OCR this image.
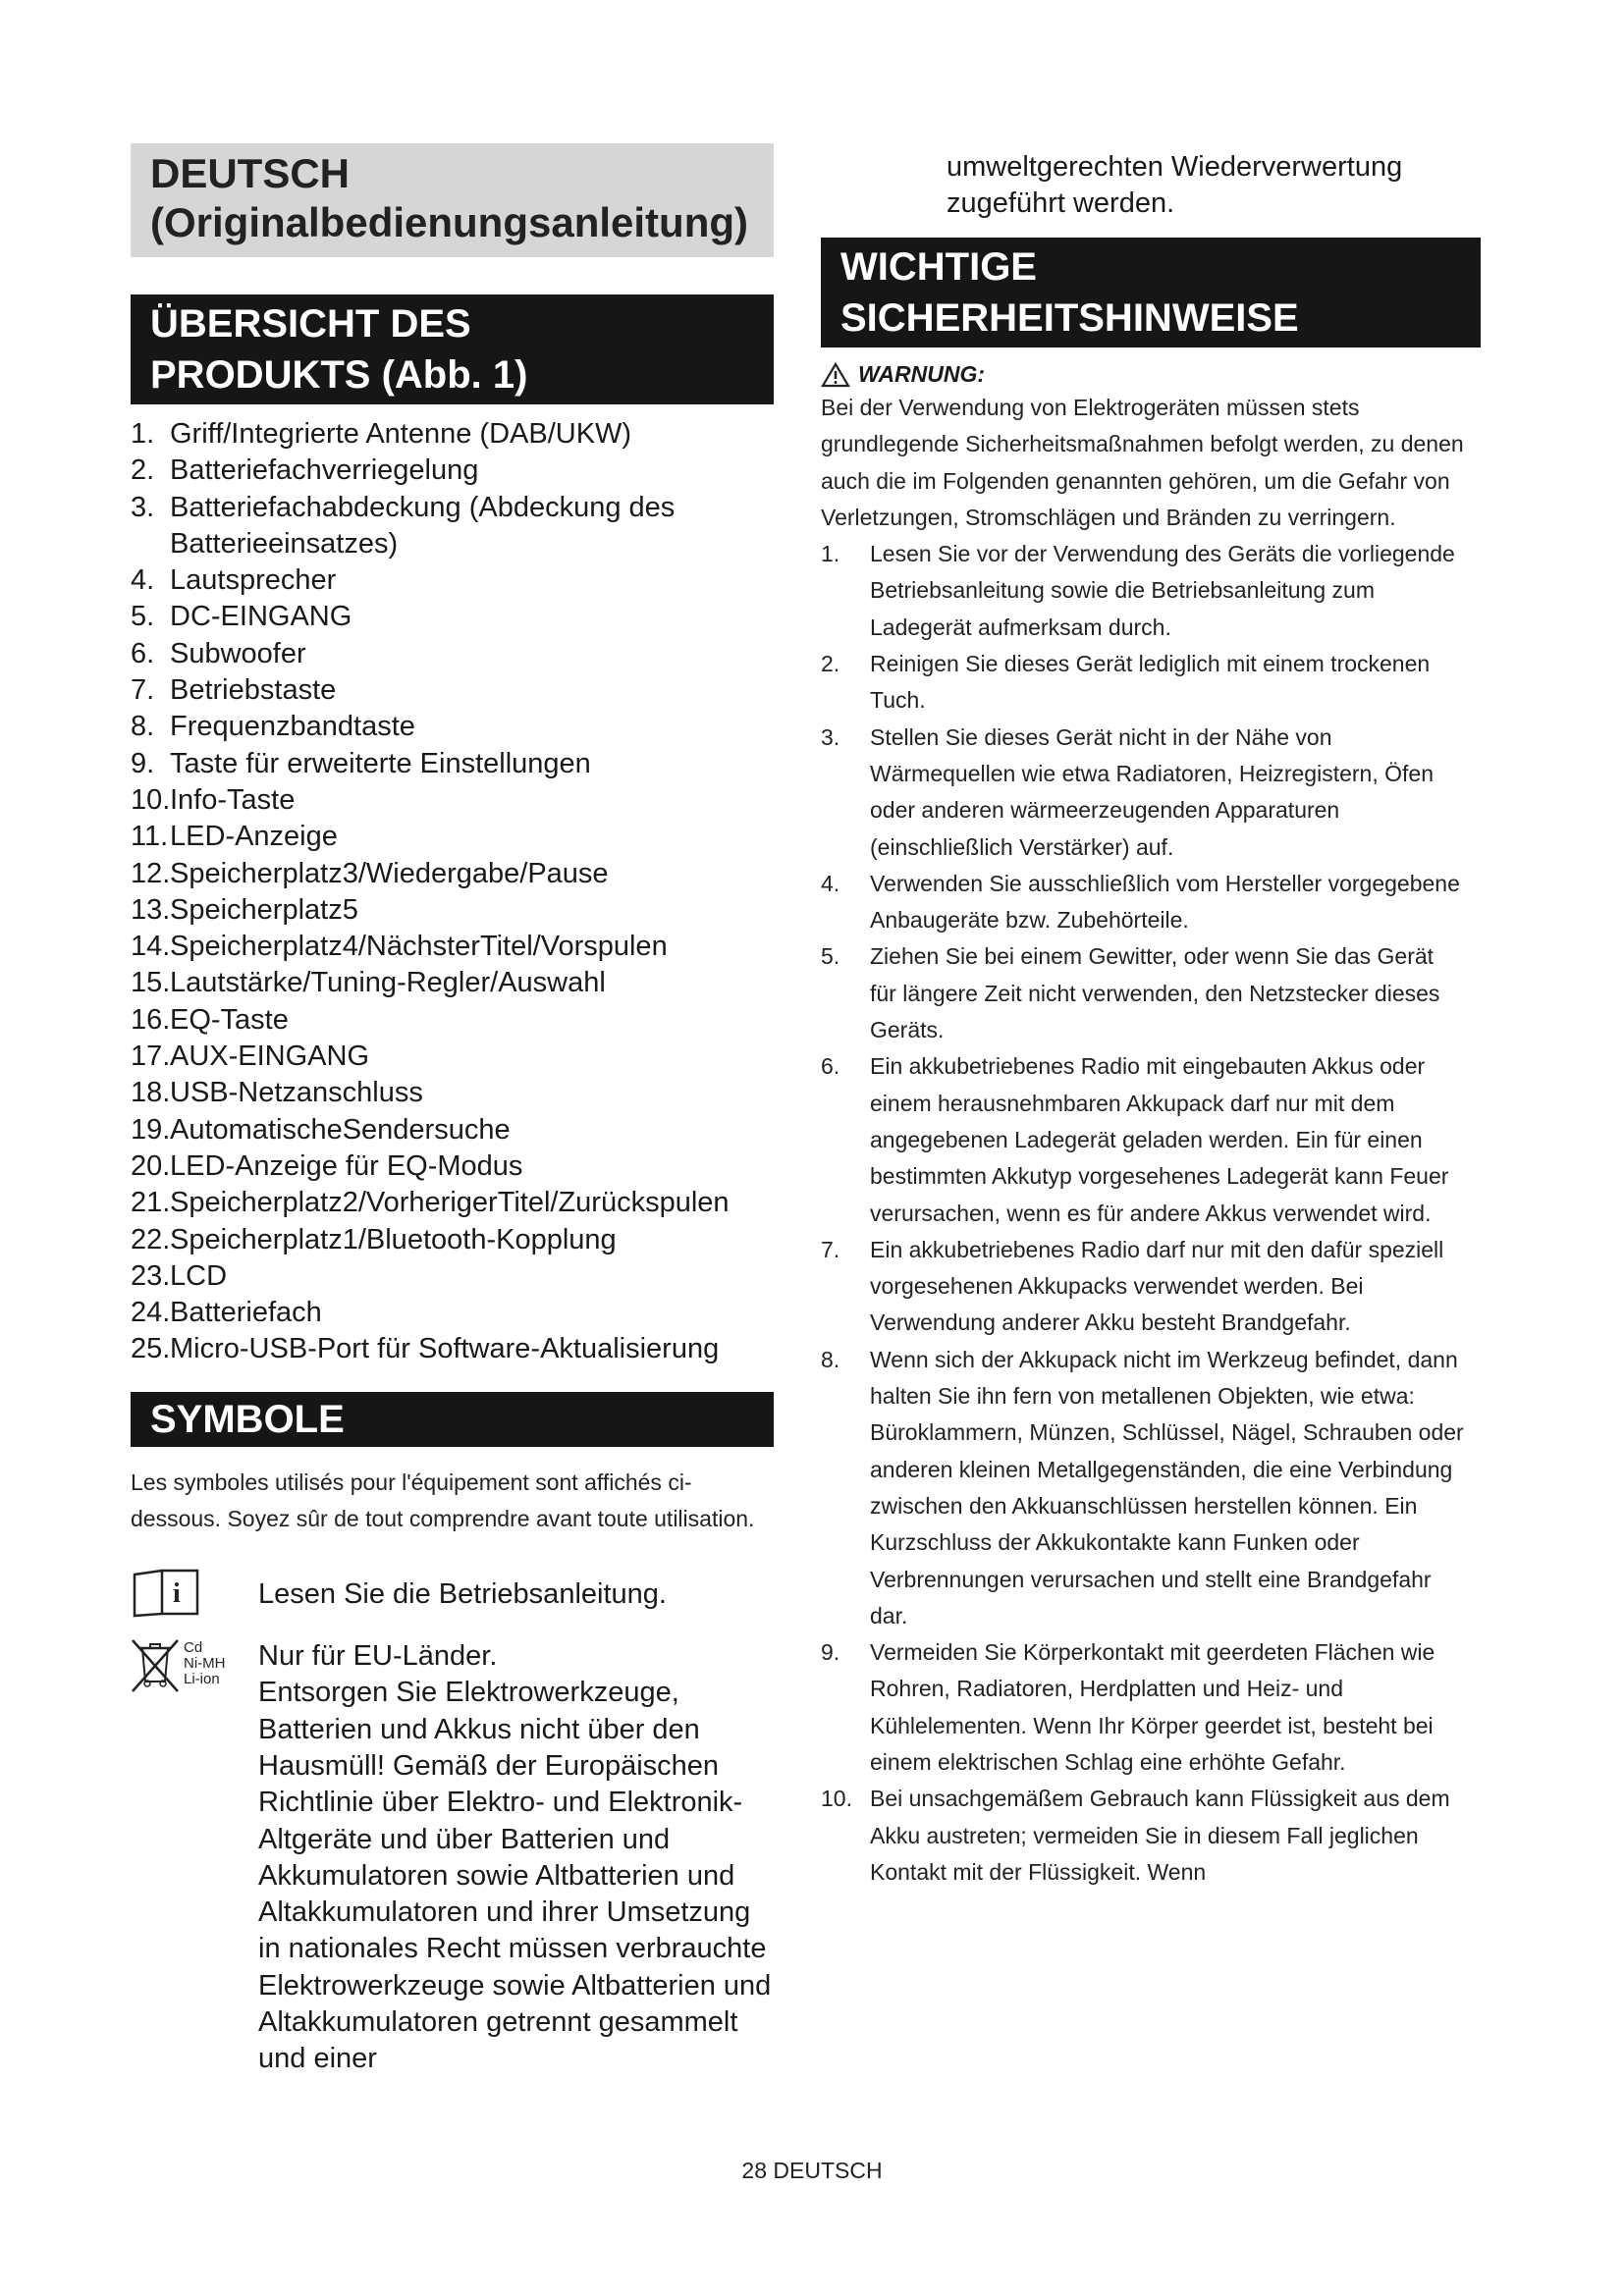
DEUTSCH
(Originalbedienungsanleitung)
ÜBERSICHT DES
PRODUKTS (Abb. 1)
1. Griff/Integrierte Antenne (DAB/UKW)
2. Batteriefachverriegelung
3. Batteriefachabdeckung (Abdeckung des Batterieeinsatzes)
4. Lautsprecher
5. DC-EINGANG
6. Subwoofer
7. Betriebstaste
8. Frequenzbandtaste
9. Taste für erweiterte Einstellungen
10. Info-Taste
11. LED-Anzeige
12. Speicherplatz3/Wiedergabe/Pause
13. Speicherplatz5
14. Speicherplatz4/NächsterTitel/Vorspulen
15. Lautstärke/Tuning-Regler/Auswahl
16. EQ-Taste
17. AUX-EINGANG
18. USB-Netzanschluss
19. AutomatischeSendersuche
20. LED-Anzeige für EQ-Modus
21. Speicherplatz2/VorherigerTitel/Zurückspulen
22. Speicherplatz1/Bluetooth-Kopplung
23. LCD
24. Batteriefach
25. Micro-USB-Port für Software-Aktualisierung
SYMBOLE
Les symboles utilisés pour l'équipement sont affichés ci-dessous. Soyez sûr de tout comprendre avant toute utilisation.
i	Lesen Sie die Betriebsanleitung.
Cd
Ni-MH
Li-ion
Nur für EU-Länder.
Entsorgen Sie Elektrowerkzeuge, Batterien und Akkus nicht über den Hausmüll! Gemäß der Europäischen Richtlinie über Elektro- und Elektronik-Altgeräte und über Batterien und Akkumulatoren sowie Altbatterien und Altakkumulatoren und ihrer Umsetzung in nationales Recht müssen verbrauchte Elektrowerkzeuge sowie Altbatterien und Altakkumulatoren getrennt gesammelt und einer

umweltgerechten Wiederverwertung zugeführt werden.

WICHTIGE
SICHERHEITSHINWEISE
WARNUNG:
Bei der Verwendung von Elektrogeräten müssen stets grundlegende Sicherheitsmaßnahmen befolgt werden, zu denen auch die im Folgenden genannten gehören, um die Gefahr von Verletzungen, Stromschlägen und Bränden zu verringern.
1.	Lesen Sie vor der Verwendung des Geräts die vorliegende Betriebsanleitung sowie die Betriebsanleitung zum Ladegerät aufmerksam durch.
2.	Reinigen Sie dieses Gerät lediglich mit einem trockenen Tuch.
3.	Stellen Sie dieses Gerät nicht in der Nähe von Wärmequellen wie etwa Radiatoren, Heizregistern, Öfen oder anderen wärmeerzeugenden Apparaturen (einschließlich Verstärker) auf.
4.	Verwenden Sie ausschließlich vom Hersteller vorgegebene Anbaugeräte bzw. Zubehörteile.
5.	Ziehen Sie bei einem Gewitter, oder wenn Sie das Gerät für längere Zeit nicht verwenden, den Netzstecker dieses Geräts.
6.	Ein akkubetriebenes Radio mit eingebauten Akkus oder einem herausnehmbaren Akkupack darf nur mit dem angegebenen Ladegerät geladen werden. Ein für einen bestimmten Akkutyp vorgesehenes Ladegerät kann Feuer verursachen, wenn es für andere Akkus verwendet wird.
7.	Ein akkubetriebenes Radio darf nur mit den dafür speziell vorgesehenen Akkupacks verwendet werden. Bei Verwendung anderer Akku besteht Brandgefahr.
8.	Wenn sich der Akkupack nicht im Werkzeug befindet, dann halten Sie ihn fern von metallenen Objekten, wie etwa: Büroklammern, Münzen, Schlüssel, Nägel, Schrauben oder anderen kleinen Metallgegenständen, die eine Verbindung zwischen den Akkuanschlüssen herstellen können. Ein Kurzschluss der Akkukontakte kann Funken oder Verbrennungen verursachen und stellt eine Brandgefahr dar.
9.	Vermeiden Sie Körperkontakt mit geerdeten Flächen wie Rohren, Radiatoren, Herdplatten und Heiz- und Kühlelementen. Wenn Ihr Körper geerdet ist, besteht bei einem elektrischen Schlag eine erhöhte Gefahr.
10. Bei unsachgemäßem Gebrauch kann Flüssigkeit aus dem Akku austreten; vermeiden Sie in diesem Fall jeglichen Kontakt mit der Flüssigkeit. Wenn
28 DEUTSCH
